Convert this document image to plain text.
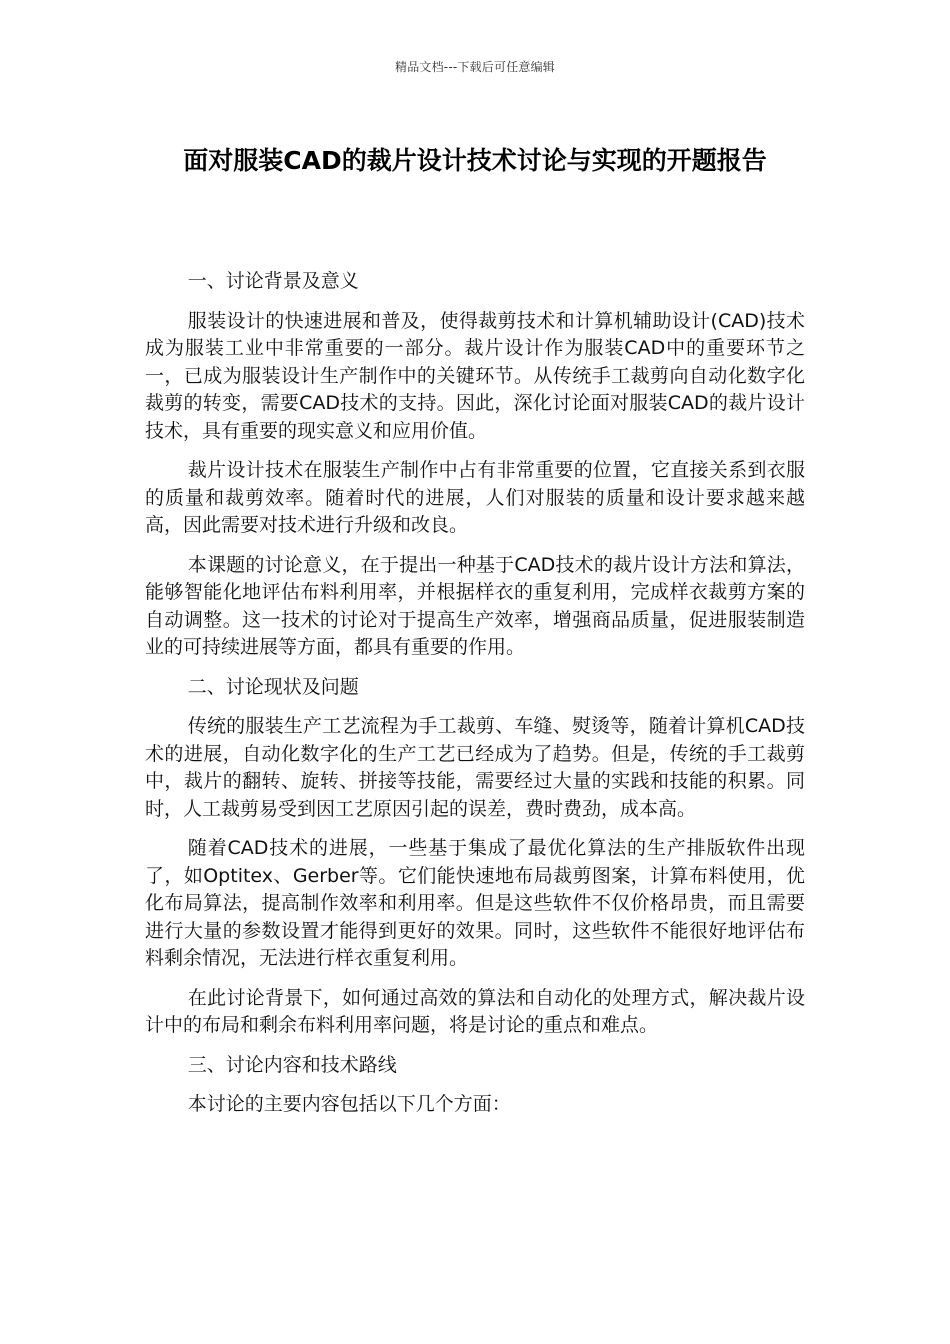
精品文档---下载后可任意编辑
面对服装CAD的裁片设计技术讨论与实现的开题报告

一、讨论背景及意义

服装设计的快速进展和普及，使得裁剪技术和计算机辅助设计(CAD)技术成为服装工业中非常重要的一部分。裁片设计作为服装CAD中的重要环节之一，已成为服装设计生产制作中的关键环节。从传统手工裁剪向自动化数字化裁剪的转变，需要CAD技术的支持。因此，深化讨论面对服装CAD的裁片设计技术，具有重要的现实意义和应用价值。

裁片设计技术在服装生产制作中占有非常重要的位置，它直接关系到衣服的质量和裁剪效率。随着时代的进展，人们对服装的质量和设计要求越来越高，因此需要对技术进行升级和改良。

本课题的讨论意义，在于提出一种基于CAD技术的裁片设计方法和算法，能够智能化地评估布料利用率，并根据样衣的重复利用，完成样衣裁剪方案的自动调整。这一技术的讨论对于提高生产效率，增强商品质量，促进服装制造业的可持续进展等方面，都具有重要的作用。

二、讨论现状及问题

传统的服装生产工艺流程为手工裁剪、车缝、熨烫等，随着计算机CAD技术的进展，自动化数字化的生产工艺已经成为了趋势。但是，传统的手工裁剪中，裁片的翻转、旋转、拼接等技能，需要经过大量的实践和技能的积累。同时，人工裁剪易受到因工艺原因引起的误差，费时费劲，成本高。

随着CAD技术的进展，一些基于集成了最优化算法的生产排版软件出现了，如Optitex、Gerber等。它们能快速地布局裁剪图案，计算布料使用，优化布局算法，提高制作效率和利用率。但是这些软件不仅价格昂贵，而且需要进行大量的参数设置才能得到更好的效果。同时，这些软件不能很好地评估布料剩余情况，无法进行样衣重复利用。

在此讨论背景下，如何通过高效的算法和自动化的处理方式，解决裁片设计中的布局和剩余布料利用率问题，将是讨论的重点和难点。

三、讨论内容和技术路线

本讨论的主要内容包括以下几个方面：
